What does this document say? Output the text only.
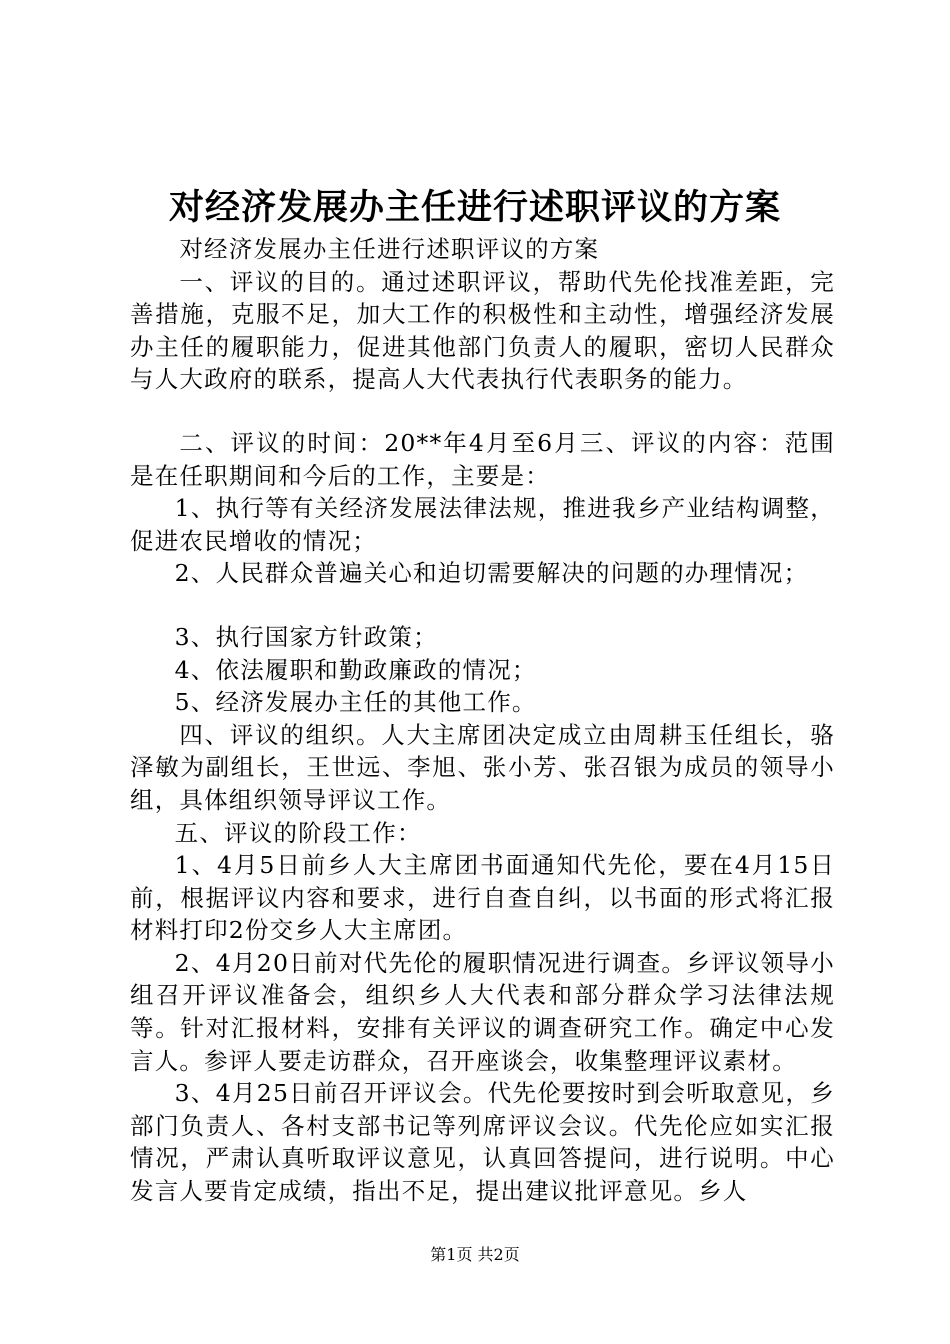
对经济发展办主任进行述职评议的方案

对经济发展办主任进行述职评议的方案

一、评议的目的。通过述职评议，帮助代先伦找准差距，完善措施，克服不足，加大工作的积极性和主动性，增强经济发展办主任的履职能力，促进其他部门负责人的履职，密切人民群众与人大政府的联系，提高人大代表执行代表职务的能力。

二、评议的时间：20**年4月至6月三、评议的内容：范围是在任职期间和今后的工作，主要是：

1、执行等有关经济发展法律法规，推进我乡产业结构调整，促进农民增收的情况；

2、人民群众普遍关心和迫切需要解决的问题的办理情况；

3、执行国家方针政策；

4、依法履职和勤政廉政的情况；

5、经济发展办主任的其他工作。

四、评议的组织。人大主席团决定成立由周耕玉任组长，骆泽敏为副组长，王世远、李旭、张小芳、张召银为成员的领导小组，具体组织领导评议工作。

五、评议的阶段工作：

1、4月5日前乡人大主席团书面通知代先伦，要在4月15日前，根据评议内容和要求，进行自查自纠，以书面的形式将汇报材料打印2份交乡人大主席团。

2、4月20日前对代先伦的履职情况进行调查。乡评议领导小组召开评议准备会，组织乡人大代表和部分群众学习法律法规等。针对汇报材料，安排有关评议的调查研究工作。确定中心发言人。参评人要走访群众，召开座谈会，收集整理评议素材。

3、4月25日前召开评议会。代先伦要按时到会听取意见，乡部门负责人、各村支部书记等列席评议会议。代先伦应如实汇报情况，严肃认真听取评议意见，认真回答提问，进行说明。中心发言人要肯定成绩，指出不足，提出建议批评意见。乡人

第1页 共2页
